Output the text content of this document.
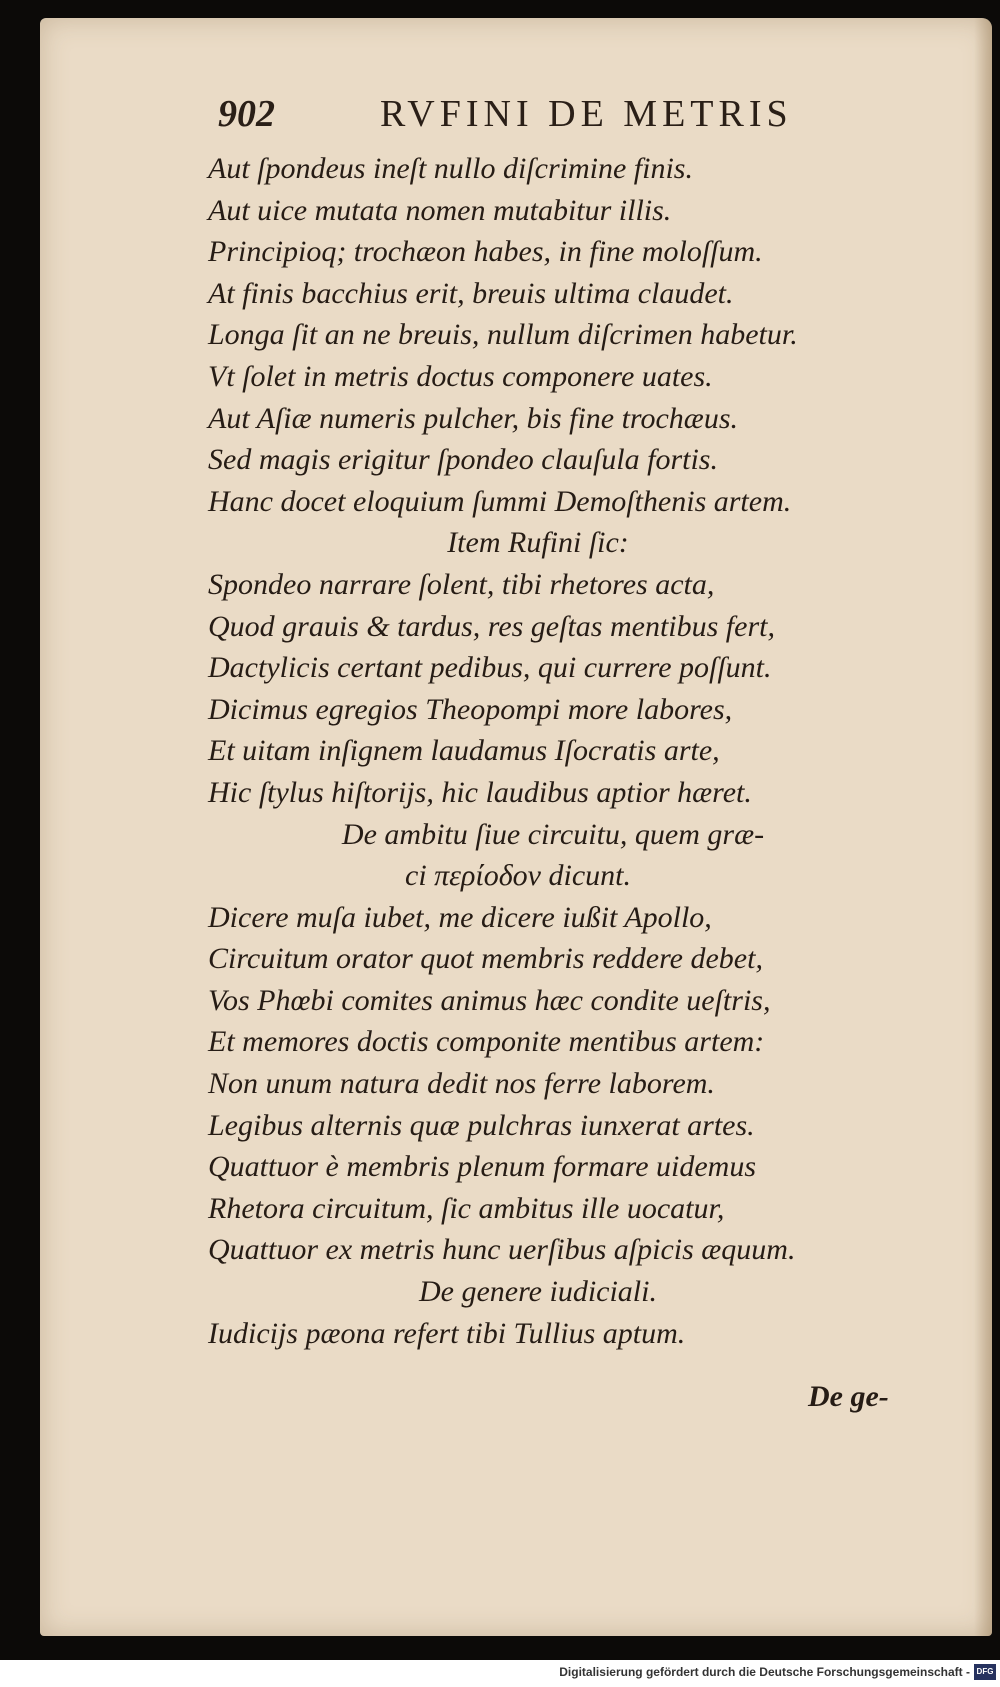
902	RVFINI DE METRIS
Aut ſpondeus ineſt nullo diſcrimine finis.
Aut uice mutata nomen mutabitur illis.
Principioq; trochæon habes, in fine moloſſum.
At finis bacchius erit, breuis ultima claudet.
Longa ſit an ne breuis, nullum diſcrimen habetur.
Vt ſolet in metris doctus componere uates.
Aut Aſiæ numeris pulcher, bis fine trochæus.
Sed magis erigitur ſpondeo clauſula fortis.
Hanc docet eloquium ſummi Demoſthenis artem.
Item Rufini ſic:
Spondeo narrare ſolent, tibi rhetores acta,
Quod grauis & tardus, res geſtas mentibus fert,
Dactylicis certant pedibus, qui currere poſſunt.
Dicimus egregios Theopompi more labores,
Et uitam inſignem laudamus Iſocratis arte,
Hic ſtylus hiſtorijs, hic laudibus aptior hæret.
De ambitu ſiue circuitu, quem græ-
ci περίοδον dicunt.
Dicere muſa iubet, me dicere iußit Apollo,
Circuitum orator quot membris reddere debet,
Vos Phœbi comites animus hæc condite ueſtris,
Et memores doctis componite mentibus artem:
Non unum natura dedit nos ferre laborem.
Legibus alternis quæ pulchras iunxerat artes.
Quattuor è membris plenum formare uidemus
Rhetora circuitum, ſic ambitus ille uocatur,
Quattuor ex metris hunc uerſibus aſpicis æquum.
De genere iudiciali.
Iudicijs pæona refert tibi Tullius aptum.
De ge-
Digitalisierung gefördert durch die Deutsche Forschungsgemeinschaft - DFG
